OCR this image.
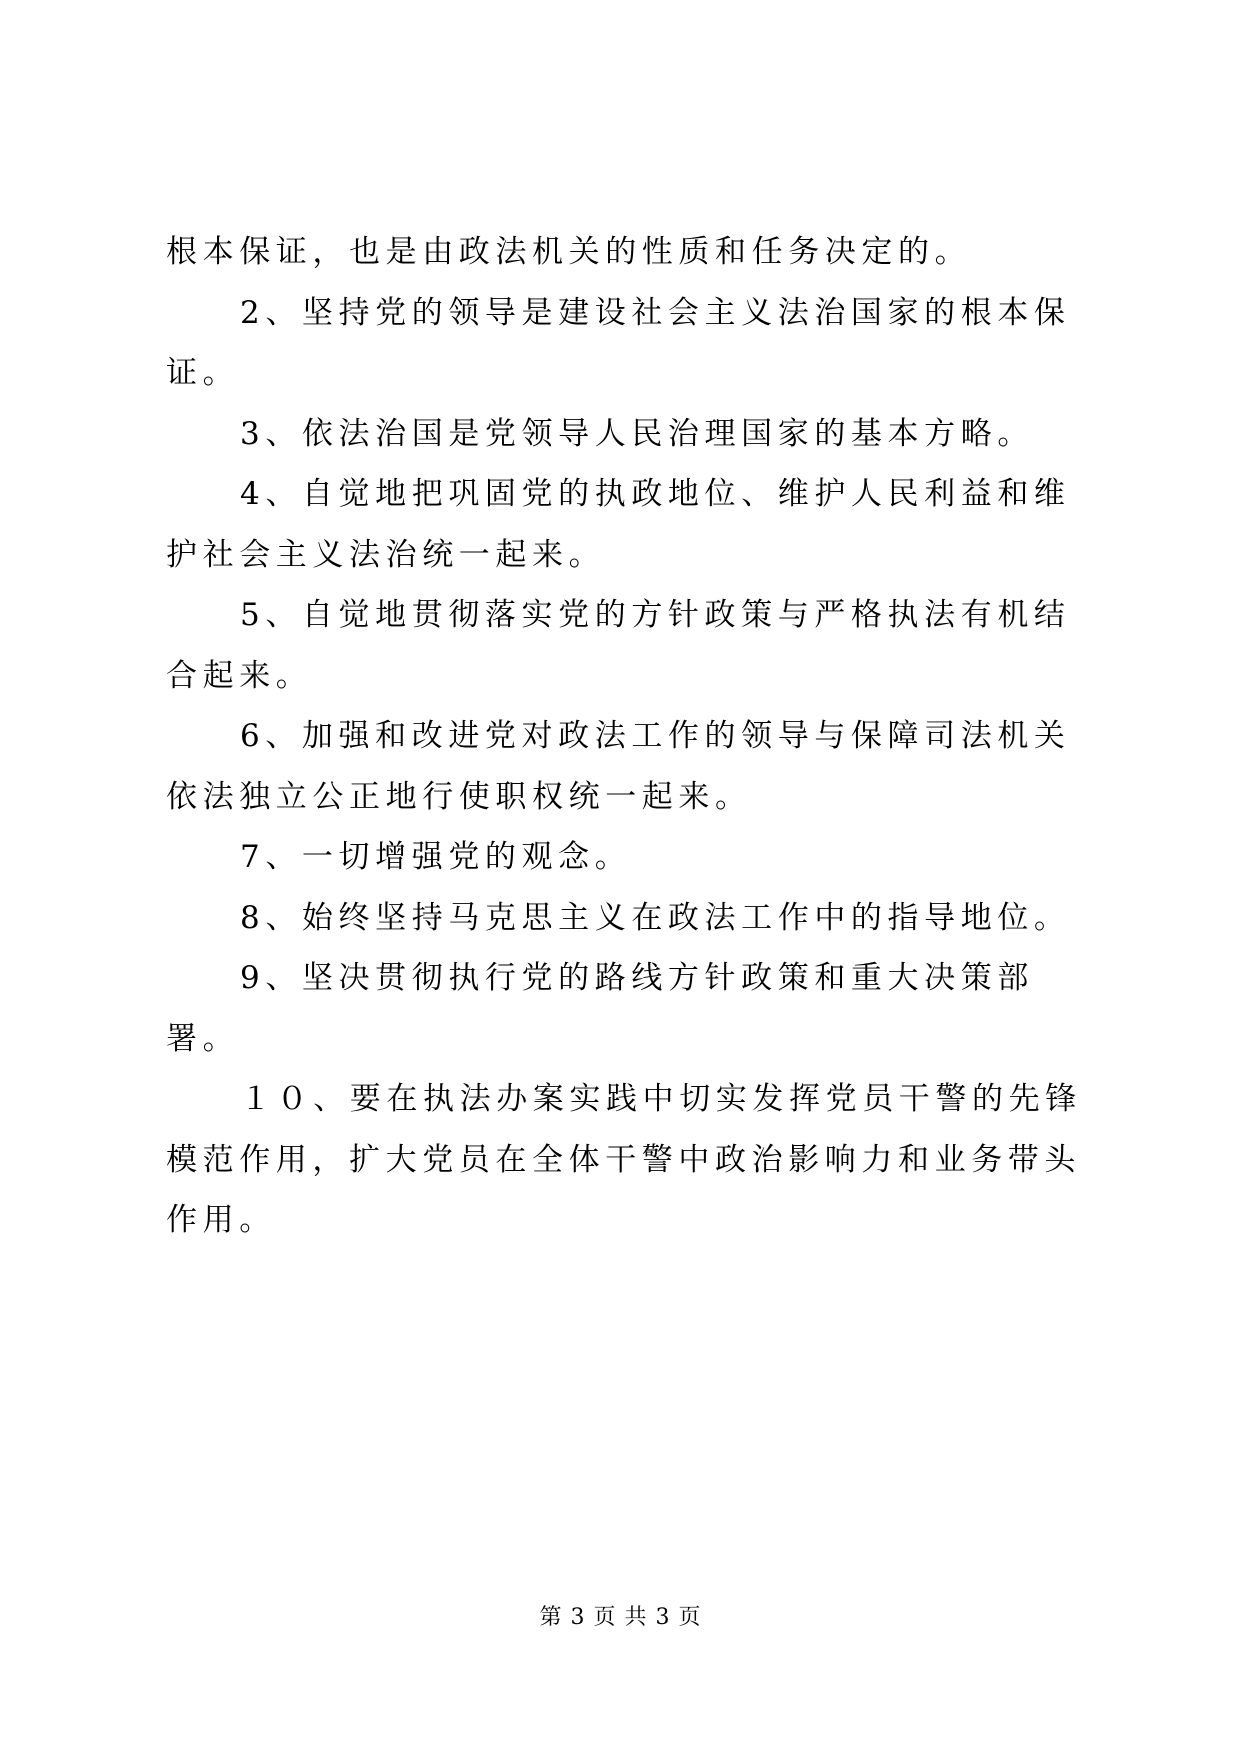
根本保证，也是由政法机关的性质和任务决定的。

2、坚持党的领导是建设社会主义法治国家的根本保证。

3、依法治国是党领导人民治理国家的基本方略。

4、自觉地把巩固党的执政地位、维护人民利益和维护社会主义法治统一起来。

5、自觉地贯彻落实党的方针政策与严格执法有机结合起来。

6、加强和改进党对政法工作的领导与保障司法机关依法独立公正地行使职权统一起来。

7、一切增强党的观念。

8、始终坚持马克思主义在政法工作中的指导地位。

9、坚决贯彻执行党的路线方针政策和重大决策部署。

１０、要在执法办案实践中切实发挥党员干警的先锋模范作用，扩大党员在全体干警中政治影响力和业务带头作用。

第 3 页 共 3 页
